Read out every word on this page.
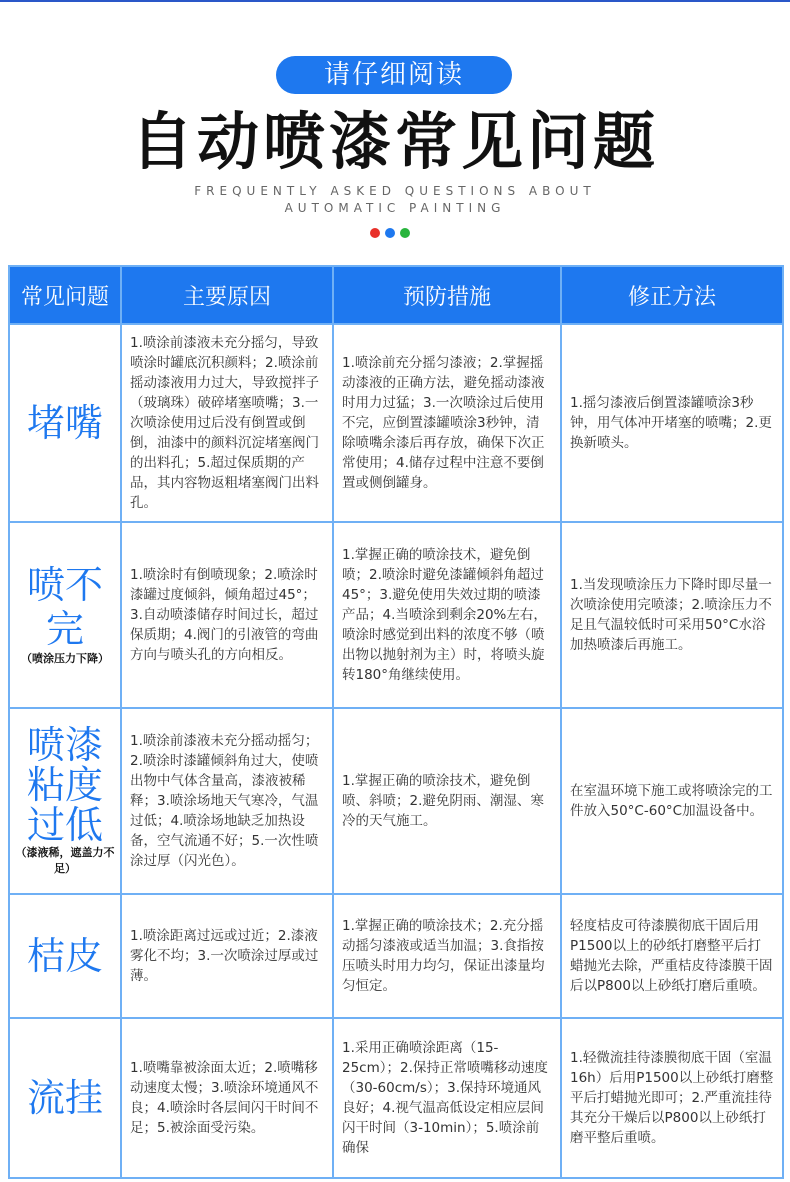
请仔细阅读
自动喷漆常见问题
FREQUENTLY ASKED QUESTIONS ABOUT
AUTOMATIC PAINTING
常见问题	主要原因	预防措施	修正方法

堵嘴	1.喷涂前漆液未充分摇匀，导致喷涂时罐底沉积颜料；2.喷涂前摇动漆液用力过大，导致搅拌子（玻璃珠）破碎堵塞喷嘴；3.一次喷涂使用过后没有倒置或倒倒，油漆中的颜料沉淀堵塞阀门的出料孔；5.超过保质期的产品，其内容物返粗堵塞阀门出料孔。	1.喷涂前充分摇匀漆液；2.掌握摇动漆液的正确方法，避免摇动漆液时用力过猛；3.一次喷涂过后使用不完，应倒置漆罐喷涂3秒钟，清除喷嘴余漆后再存放，确保下次正常使用；4.储存过程中注意不要倒置或侧倒罐身。	1.摇匀漆液后倒置漆罐喷涂3秒钟，用气体冲开堵塞的喷嘴；2.更换新喷头。

喷不完
（喷涂压力下降）	1.喷涂时有倒喷现象；2.喷涂时漆罐过度倾斜，倾角超过45°；3.自动喷漆储存时间过长，超过保质期；4.阀门的引液管的弯曲方向与喷头孔的方向相反。	1.掌握正确的喷涂技术，避免倒喷；2.喷涂时避免漆罐倾斜角超过45°；3.避免使用失效过期的喷漆产品；4.当喷涂到剩余20%左右，喷涂时感觉到出料的浓度不够（喷出物以抛射剂为主）时，将喷头旋转180°角继续使用。	1.当发现喷涂压力下降时即尽量一次喷涂使用完喷漆；2.喷涂压力不足且气温较低时可采用50°C水浴加热喷漆后再施工。

喷漆粘度过低
（漆液稀，遮盖力不足）	1.喷涂前漆液未充分摇动摇匀；2.喷涂时漆罐倾斜角过大，使喷出物中气体含量高，漆液被稀释；3.喷涂场地天气寒冷，气温过低；4.喷涂场地缺乏加热设备，空气流通不好；5.一次性喷涂过厚（闪光色）。	1.掌握正确的喷涂技术，避免倒喷、斜喷；2.避免阴雨、潮湿、寒冷的天气施工。	在室温环境下施工或将喷涂完的工件放入50°C-60°C加温设备中。

桔皮	1.喷涂距离过远或过近；2.漆液雾化不均；3.一次喷涂过厚或过薄。	1.掌握正确的喷涂技术；2.充分摇动摇匀漆液或适当加温；3.食指按压喷头时用力均匀，保证出漆量均匀恒定。	轻度桔皮可待漆膜彻底干固后用P1500以上的砂纸打磨整平后打蜡抛光去除，严重桔皮待漆膜干固后以P800以上砂纸打磨后重喷。

流挂	1.喷嘴靠被涂面太近；2.喷嘴移动速度太慢；3.喷涂环境通风不良；4.喷涂时各层间闪干时间不足；5.被涂面受污染。	1.采用正确喷涂距离（15-25cm）；2.保持正常喷嘴移动速度（30-60cm/s）；3.保持环境通风良好；4.视气温高低设定相应层间闪干时间（3-10min）；5.喷涂前确保	1.轻微流挂待漆膜彻底干固（室温16h）后用P1500以上砂纸打磨整平后打蜡抛光即可；2.严重流挂待其充分干燥后以P800以上砂纸打磨平整后重喷。
